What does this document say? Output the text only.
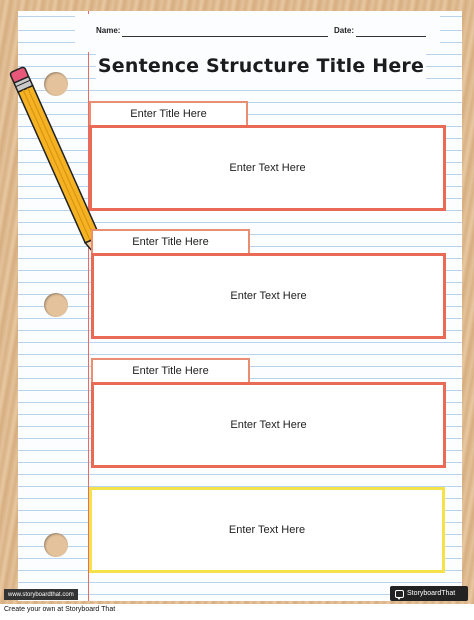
Name:	Date:
Sentence Structure Title Here
Enter Title Here
Enter Text Here
Enter Title Here
Enter Text Here
Enter Title Here
Enter Text Here
Enter Text Here
www.storyboardthat.com	StoryboardThat
Create your own at Storyboard That
